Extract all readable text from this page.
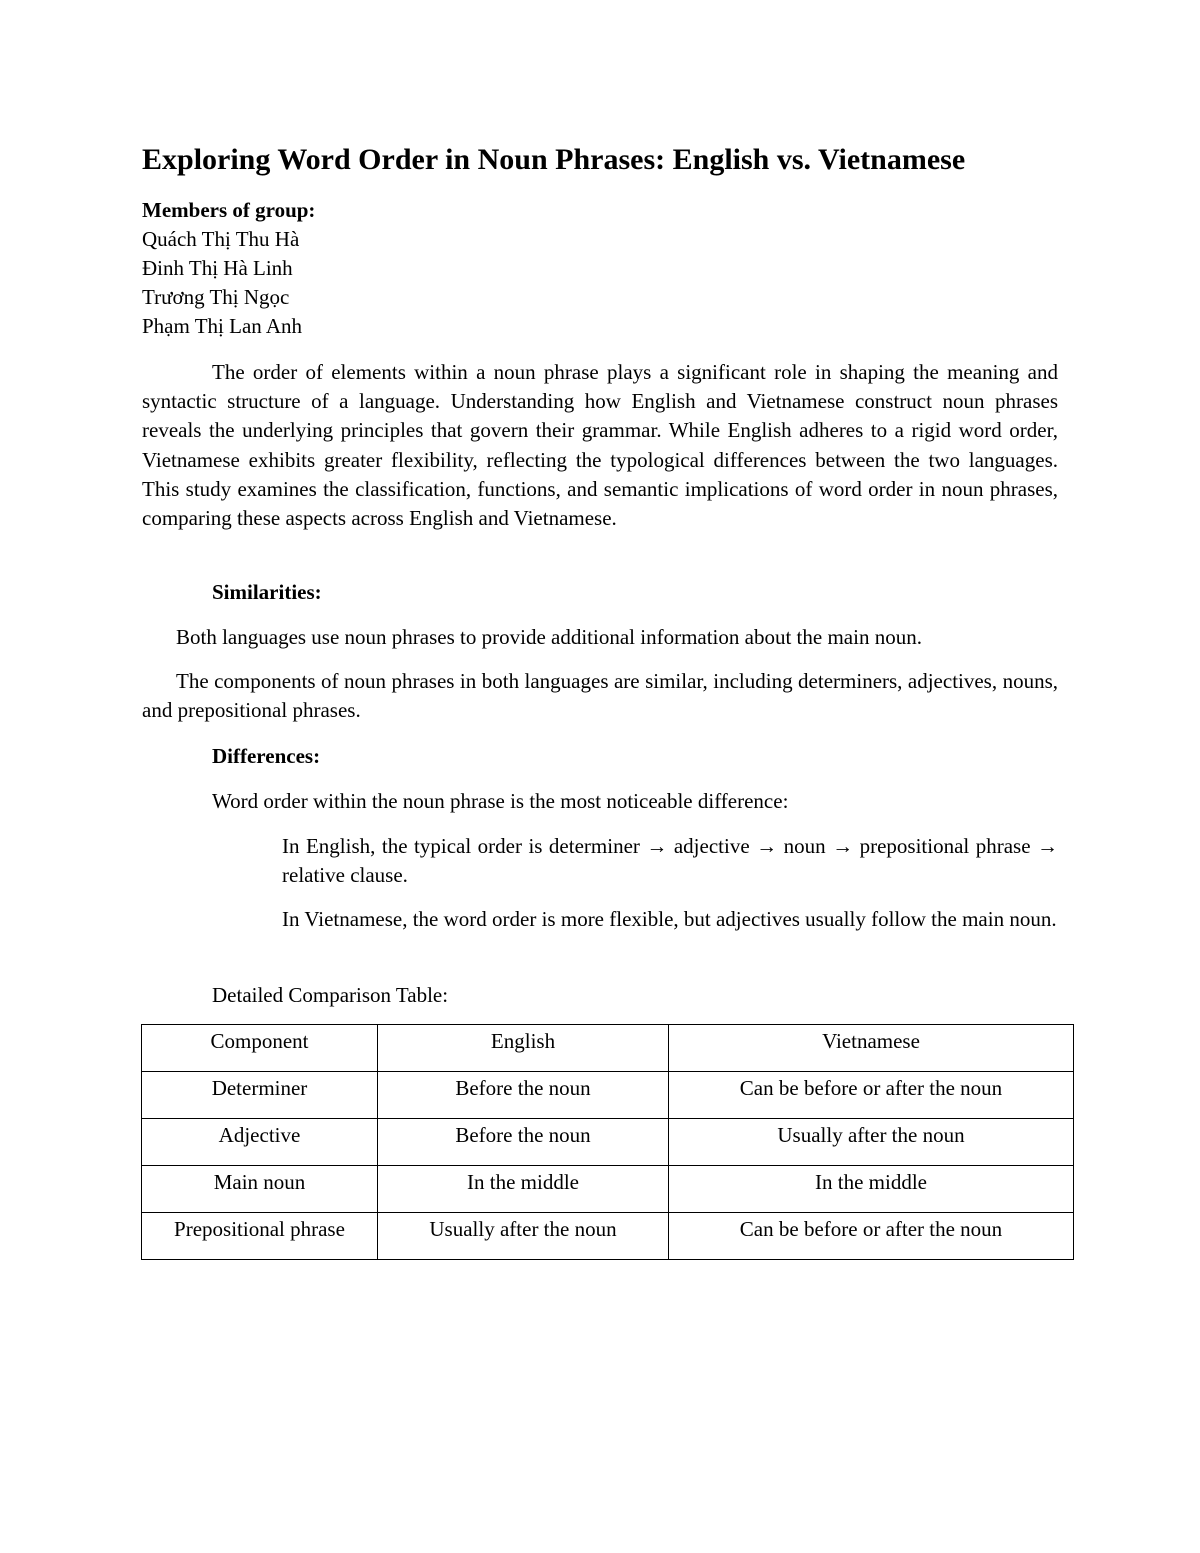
Exploring Word Order in Noun Phrases: English vs. Vietnamese
Members of group:
Quách Thị Thu Hà
Đinh Thị Hà Linh
Trương Thị Ngọc
Phạm Thị Lan Anh

The order of elements within a noun phrase plays a significant role in shaping the meaning and syntactic structure of a language. Understanding how English and Vietnamese construct noun phrases reveals the underlying principles that govern their grammar. While English adheres to a rigid word order, Vietnamese exhibits greater flexibility, reflecting the typological differences between the two languages. This study examines the classification, functions, and semantic implications of word order in noun phrases, comparing these aspects across English and Vietnamese.

Similarities:

Both languages use noun phrases to provide additional information about the main noun.

The components of noun phrases in both languages are similar, including determiners, adjectives, nouns, and prepositional phrases.

Differences:

Word order within the noun phrase is the most noticeable difference:

In English, the typical order is determiner → adjective → noun → prepositional phrase → relative clause.

In Vietnamese, the word order is more flexible, but adjectives usually follow the main noun.

Detailed Comparison Table:

Component	English	Vietnamese
Determiner	Before the noun	Can be before or after the noun
Adjective	Before the noun	Usually after the noun
Main noun	In the middle	In the middle
Prepositional phrase	Usually after the noun	Can be before or after the noun
